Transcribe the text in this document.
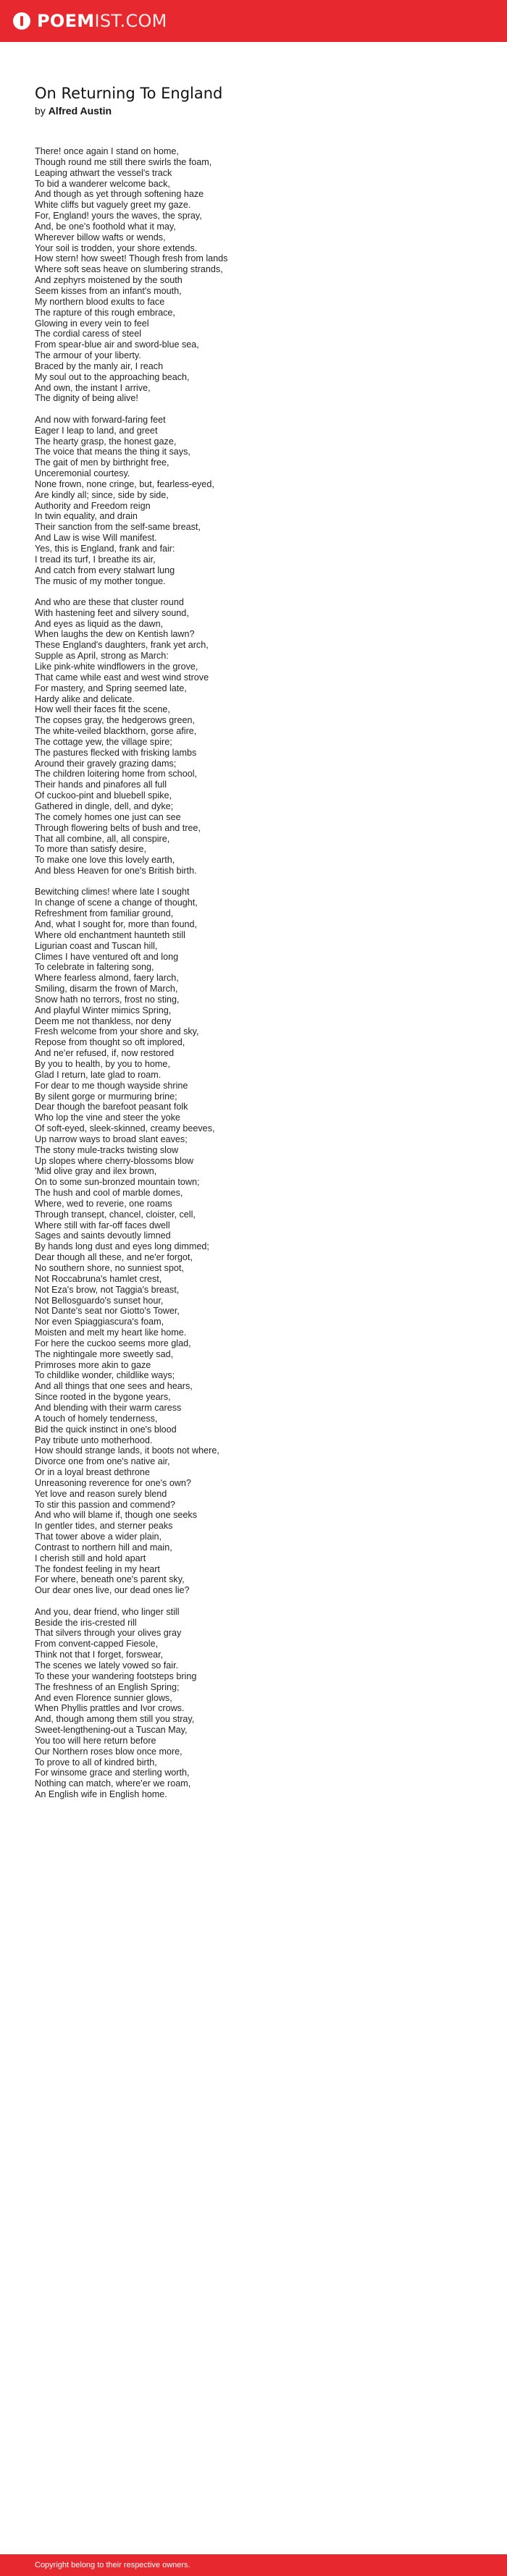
POEMIST.COM
On Returning To England
by Alfred Austin
There! once again I stand on home,
Though round me still there swirls the foam,
Leaping athwart the vessel's track
To bid a wanderer welcome back,
And though as yet through softening haze
White cliffs but vaguely greet my gaze.
For, England! yours the waves, the spray,
And, be one's foothold what it may,
Wherever billow wafts or wends,
Your soil is trodden, your shore extends.
How stern! how sweet! Though fresh from lands
Where soft seas heave on slumbering strands,
And zephyrs moistened by the south
Seem kisses from an infant's mouth,
My northern blood exults to face
The rapture of this rough embrace,
Glowing in every vein to feel
The cordial caress of steel
From spear-blue air and sword-blue sea,
The armour of your liberty.
Braced by the manly air, I reach
My soul out to the approaching beach,
And own, the instant I arrive,
The dignity of being alive!
And now with forward-faring feet
Eager I leap to land, and greet
The hearty grasp, the honest gaze,
The voice that means the thing it says,
The gait of men by birthright free,
Unceremonial courtesy.
None frown, none cringe, but, fearless-eyed,
Are kindly all; since, side by side,
Authority and Freedom reign
In twin equality, and drain
Their sanction from the self-same breast,
And Law is wise Will manifest.
Yes, this is England, frank and fair:
I tread its turf, I breathe its air,
And catch from every stalwart lung
The music of my mother tongue.
And who are these that cluster round
With hastening feet and silvery sound,
And eyes as liquid as the dawn,
When laughs the dew on Kentish lawn?
These England's daughters, frank yet arch,
Supple as April, strong as March:
Like pink-white windflowers in the grove,
That came while east and west wind strove
For mastery, and Spring seemed late,
Hardy alike and delicate.
How well their faces fit the scene,
The copses gray, the hedgerows green,
The white-veiled blackthorn, gorse afire,
The cottage yew, the village spire;
The pastures flecked with frisking lambs
Around their gravely grazing dams;
The children loitering home from school,
Their hands and pinafores all full
Of cuckoo-pint and bluebell spike,
Gathered in dingle, dell, and dyke;
The comely homes one just can see
Through flowering belts of bush and tree,
That all combine, all, all conspire,
To more than satisfy desire,
To make one love this lovely earth,
And bless Heaven for one's British birth.
Bewitching climes! where late I sought
In change of scene a change of thought,
Refreshment from familiar ground,
And, what I sought for, more than found,
Where old enchantment haunteth still
Ligurian coast and Tuscan hill,
Climes I have ventured oft and long
To celebrate in faltering song,
Where fearless almond, faery larch,
Smiling, disarm the frown of March,
Snow hath no terrors, frost no sting,
And playful Winter mimics Spring,
Deem me not thankless, nor deny
Fresh welcome from your shore and sky,
Repose from thought so oft implored,
And ne'er refused, if, now restored
By you to health, by you to home,
Glad I return, late glad to roam.
For dear to me though wayside shrine
By silent gorge or murmuring brine;
Dear though the barefoot peasant folk
Who lop the vine and steer the yoke
Of soft-eyed, sleek-skinned, creamy beeves,
Up narrow ways to broad slant eaves;
The stony mule-tracks twisting slow
Up slopes where cherry-blossoms blow
'Mid olive gray and ilex brown,
On to some sun-bronzed mountain town;
The hush and cool of marble domes,
Where, wed to reverie, one roams
Through transept, chancel, cloister, cell,
Where still with far-off faces dwell
Sages and saints devoutly limned
By hands long dust and eyes long dimmed;
Dear though all these, and ne'er forgot,
No southern shore, no sunniest spot,
Not Roccabruna's hamlet crest,
Not Eza's brow, not Taggia's breast,
Not Bellosguardo's sunset hour,
Not Dante's seat nor Giotto's Tower,
Nor even Spiaggiascura's foam,
Moisten and melt my heart like home.
For here the cuckoo seems more glad,
The nightingale more sweetly sad,
Primroses more akin to gaze
To childlike wonder, childlike ways;
And all things that one sees and hears,
Since rooted in the bygone years,
And blending with their warm caress
A touch of homely tenderness,
Bid the quick instinct in one's blood
Pay tribute unto motherhood.
How should strange lands, it boots not where,
Divorce one from one's native air,
Or in a loyal breast dethrone
Unreasoning reverence for one's own?
Yet love and reason surely blend
To stir this passion and commend?
And who will blame if, though one seeks
In gentler tides, and sterner peaks
That tower above a wider plain,
Contrast to northern hill and main,
I cherish still and hold apart
The fondest feeling in my heart
For where, beneath one's parent sky,
Our dear ones live, our dead ones lie?
And you, dear friend, who linger still
Beside the iris-crested rill
That silvers through your olives gray
From convent-capped Fiesole,
Think not that I forget, forswear,
The scenes we lately vowed so fair.
To these your wandering footsteps bring
The freshness of an English Spring;
And even Florence sunnier glows,
When Phyllis prattles and Ivor crows.
And, though among them still you stray,
Sweet-lengthening-out a Tuscan May,
You too will here return before
Our Northern roses blow once more,
To prove to all of kindred birth,
For winsome grace and sterling worth,
Nothing can match, where'er we roam,
An English wife in English home.
Copyright belong to their respective owners.
